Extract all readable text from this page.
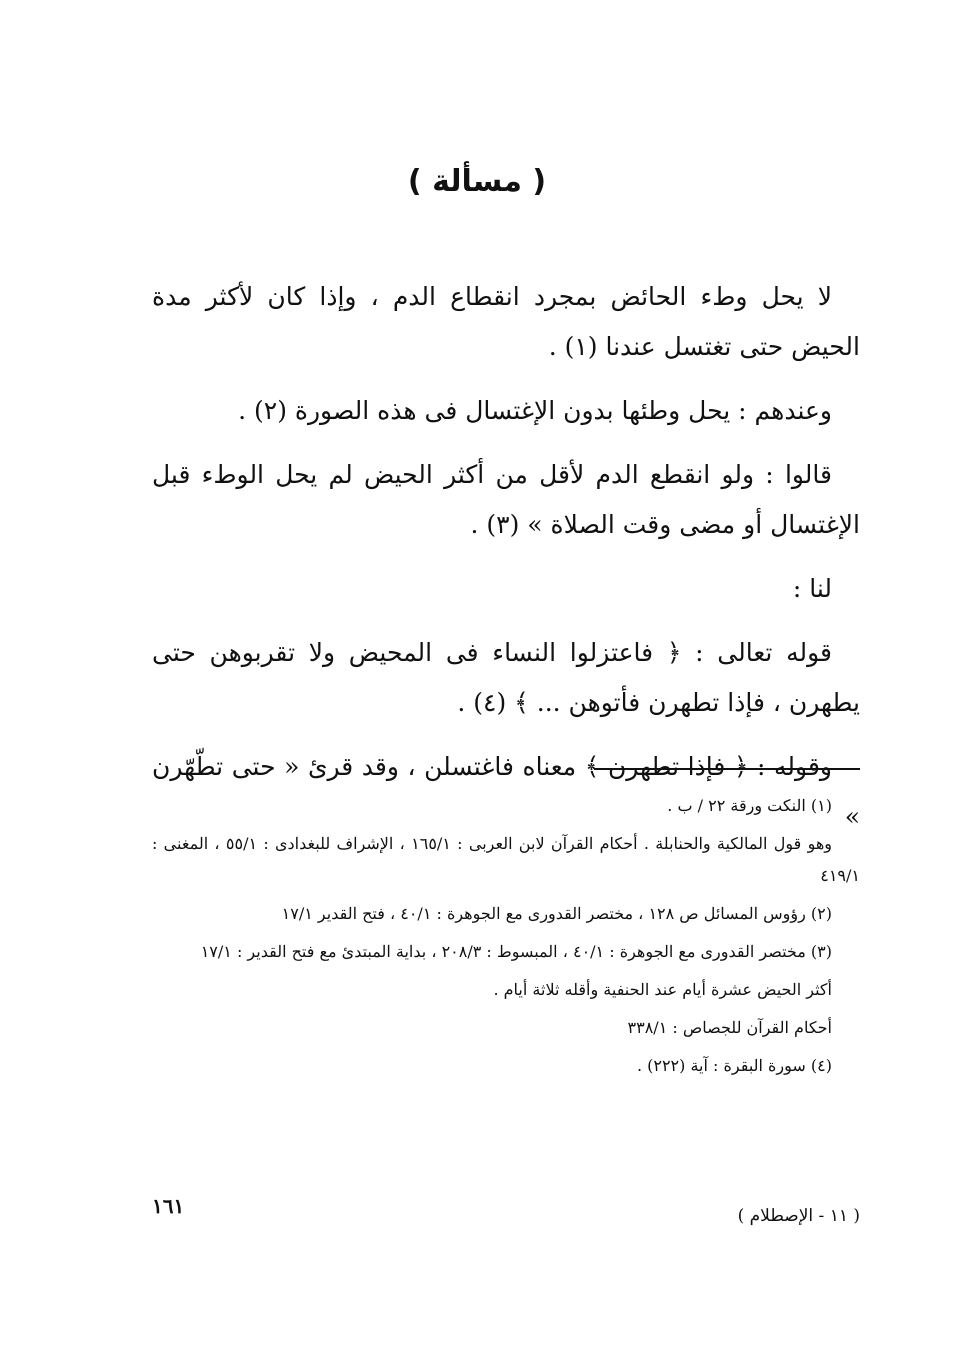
( مسألة )

لا يحل وطء الحائض بمجرد انقطاع الدم ، وإذا كان لأكثر مدة الحيض حتى تغتسل عندنا (١) .

وعندهم : يحل وطئها بدون الإغتسال فى هذه الصورة (٢) .

قالوا : ولو انقطع الدم لأقل من أكثر الحيض لم يحل الوطء قبل الإغتسال أو مضى وقت الصلاة » (٣) .

لنا :

قوله تعالى : ﴿ فاعتزلوا النساء فى المحيض ولا تقربوهن حتى يطهرن ، فإذا تطهرن فأتوهن ... ﴾ (٤) .

وقوله : ﴿ فإذا تطهرن ﴾ معناه فاغتسلن ، وقد قرئ « حتى تطّهّرن »

(١) النكت ورقة ٢٢ / ب .

وهو قول المالكية والحنابلة . أحكام القرآن لابن العربى : ١٦٥/١ ، الإشراف للبغدادى : ٥٥/١ ، المغنى : ٤١٩/١

(٢) رؤوس المسائل ص ١٢٨ ، مختصر القدورى مع الجوهرة : ٤٠/١ ، فتح القدير ١٧/١

(٣) مختصر القدورى مع الجوهرة : ٤٠/١ ، المبسوط : ٢٠٨/٣ ، بداية المبتدئ مع فتح القدير : ١٧/١

أكثر الحيض عشرة أيام عند الحنفية وأقله ثلاثة أيام .

أحكام القرآن للجصاص : ٣٣٨/١

(٤) سورة البقرة : آية (٢٢٢) .

( ١١ - الإصطلام )
١٦١
